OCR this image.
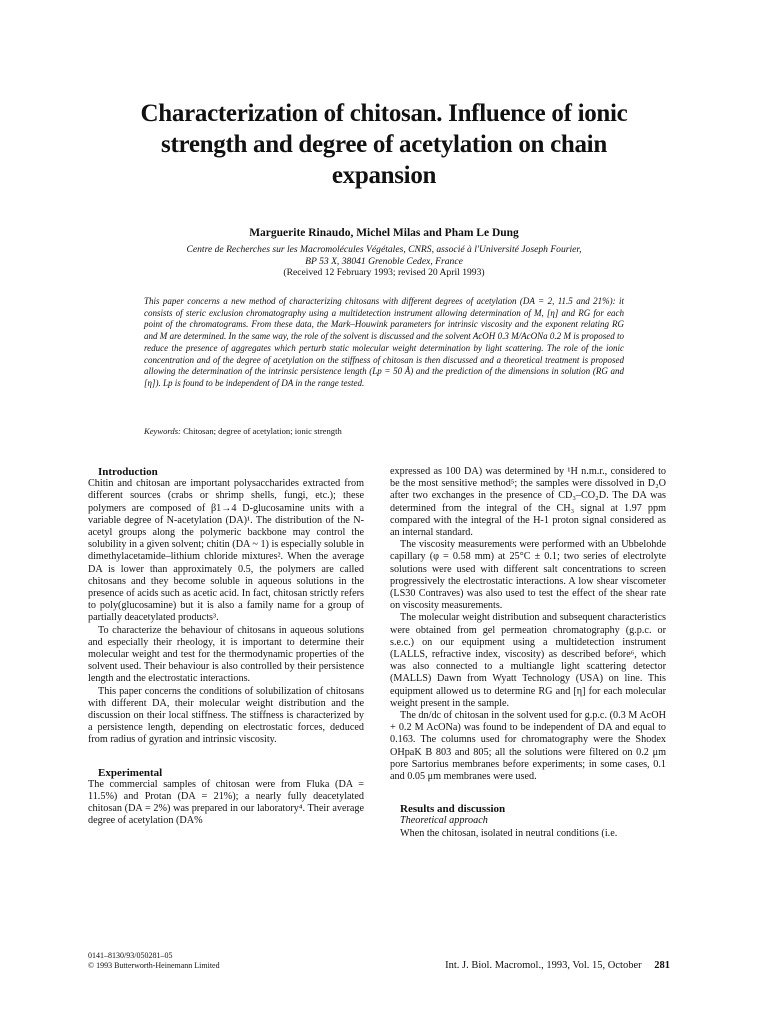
Characterization of chitosan. Influence of ionic strength and degree of acetylation on chain expansion
Marguerite Rinaudo, Michel Milas and Pham Le Dung
Centre de Recherches sur les Macromolécules Végétales, CNRS, associé à l'Université Joseph Fourier,
BP 53 X, 38041 Grenoble Cedex, France
(Received 12 February 1993; revised 20 April 1993)
This paper concerns a new method of characterizing chitosans with different degrees of acetylation (DA = 2, 11.5 and 21%): it consists of steric exclusion chromatography using a multidetection instrument allowing determination of M, [η] and RG for each point of the chromatograms. From these data, the Mark–Houwink parameters for intrinsic viscosity and the exponent relating RG and M are determined. In the same way, the role of the solvent is discussed and the solvent AcOH 0.3 M/AcONa 0.2 M is proposed to reduce the presence of aggregates which perturb static molecular weight determination by light scattering. The role of the ionic concentration and of the degree of acetylation on the stiffness of chitosan is then discussed and a theoretical treatment is proposed allowing the determination of the intrinsic persistence length (Lp = 50 Å) and the prediction of the dimensions in solution (RG and [η]). Lp is found to be independent of DA in the range tested.
Keywords: Chitosan; degree of acetylation; ionic strength

Introduction

Chitin and chitosan are important polysaccharides extracted from different sources (crabs or shrimp shells, fungi, etc.); these polymers are composed of β1→4 D-glucosamine units with a variable degree of N-acetylation (DA)¹. The distribution of the N-acetyl groups along the polymeric backbone may control the solubility in a given solvent; chitin (DA ~ 1) is especially soluble in dimethylacetamide–lithium chloride mixtures². When the average DA is lower than approximately 0.5, the polymers are called chitosans and they become soluble in aqueous solutions in the presence of acids such as acetic acid. In fact, chitosan strictly refers to poly(glucosamine) but it is also a family name for a group of partially deacetylated products³.

To characterize the behaviour of chitosans in aqueous solutions and especially their rheology, it is important to determine their molecular weight and test for the thermodynamic properties of the solvent used. Their behaviour is also controlled by their persistence length and the electrostatic interactions.

This paper concerns the conditions of solubilization of chitosans with different DA, their molecular weight distribution and the discussion on their local stiffness. The stiffness is characterized by a persistence length, depending on electrostatic forces, deduced from radius of gyration and intrinsic viscosity.

Experimental

The commercial samples of chitosan were from Fluka (DA = 11.5%) and Protan (DA = 21%); a nearly fully deacetylated chitosan (DA = 2%) was prepared in our laboratory⁴. Their average degree of acetylation (DA%

expressed as 100 DA) was determined by ¹H n.m.r., considered to be the most sensitive method⁵; the samples were dissolved in D₂O after two exchanges in the presence of CD₃–CO₂D. The DA was determined from the integral of the CH₃ signal at 1.97 ppm compared with the integral of the H-1 proton signal considered as an internal standard.

The viscosity measurements were performed with an Ubbelohde capillary (φ = 0.58 mm) at 25°C ± 0.1; two series of electrolyte solutions were used with different salt concentrations to screen progressively the electrostatic interactions. A low shear viscometer (LS30 Contraves) was also used to test the effect of the shear rate on viscosity measurements.

The molecular weight distribution and subsequent characteristics were obtained from gel permeation chromatography (g.p.c. or s.e.c.) on our equipment using a multidetection instrument (LALLS, refractive index, viscosity) as described before⁶, which was also connected to a multiangle light scattering detector (MALLS) Dawn from Wyatt Technology (USA) on line. This equipment allowed us to determine RG and [η] for each molecular weight present in the sample.

The dn/dc of chitosan in the solvent used for g.p.c. (0.3 M AcOH + 0.2 M AcONa) was found to be independent of DA and equal to 0.163. The columns used for chromatography were the Shodex OHpaK B 803 and 805; all the solutions were filtered on 0.2 μm pore Sartorius membranes before experiments; in some cases, 0.1 and 0.05 μm membranes were used.

Results and discussion

Theoretical approach

When the chitosan, isolated in neutral conditions (i.e.

0141–8130/93/050281–05
© 1993 Butterworth-Heinemann Limited	Int. J. Biol. Macromol., 1993, Vol. 15, October 281
